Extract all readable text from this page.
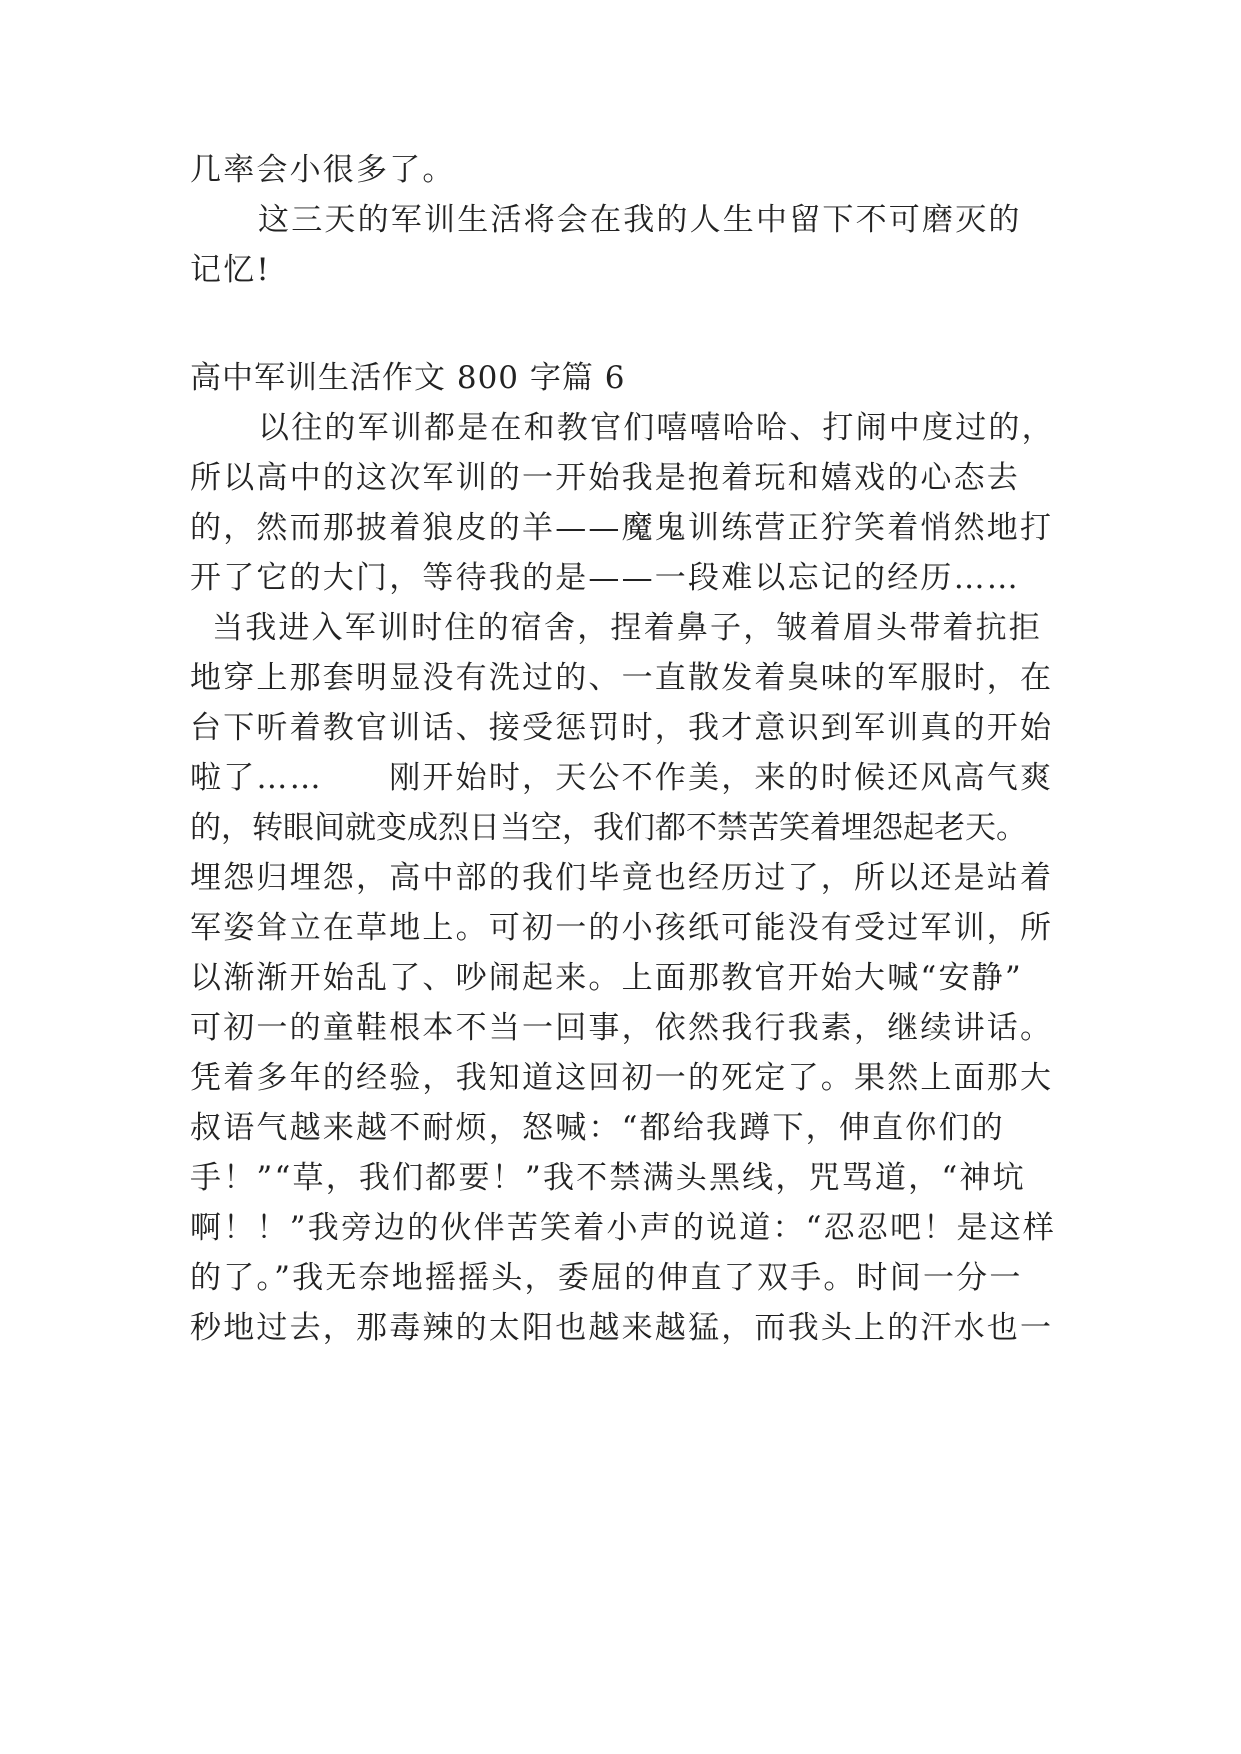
几率会小很多了。
这三天的军训生活将会在我的人生中留下不可磨灭的
记忆!
高中军训生活作文 800 字篇 6
以往的军训都是在和教官们嘻嘻哈哈、打闹中度过的，
所以高中的这次军训的一开始我是抱着玩和嬉戏的心态去
的，然而那披着狼皮的羊——魔鬼训练营正狞笑着悄然地打
开了它的大门，等待我的是——一段难以忘记的经历……
当我进入军训时住的宿舍，捏着鼻子，皱着眉头带着抗拒
地穿上那套明显没有洗过的、一直散发着臭味的军服时，在
台下听着教官训话、接受惩罚时，我才意识到军训真的开始
啦了……　　刚开始时，天公不作美，来的时候还风高气爽
的，转眼间就变成烈日当空，我们都不禁苦笑着埋怨起老天。
埋怨归埋怨，高中部的我们毕竟也经历过了，所以还是站着
军姿耸立在草地上。可初一的小孩纸可能没有受过军训，所
以渐渐开始乱了、吵闹起来。上面那教官开始大喊“安静”
可初一的童鞋根本不当一回事，依然我行我素，继续讲话。
凭着多年的经验，我知道这回初一的死定了。果然上面那大
叔语气越来越不耐烦，怒喊：“都给我蹲下，伸直你们的
手！”“草，我们都要！”我不禁满头黑线，咒骂道，“神坑
啊！！”我旁边的伙伴苦笑着小声的说道：“忍忍吧！是这样
的了。”我无奈地摇摇头，委屈的伸直了双手。时间一分一
秒地过去，那毒辣的太阳也越来越猛，而我头上的汗水也一
